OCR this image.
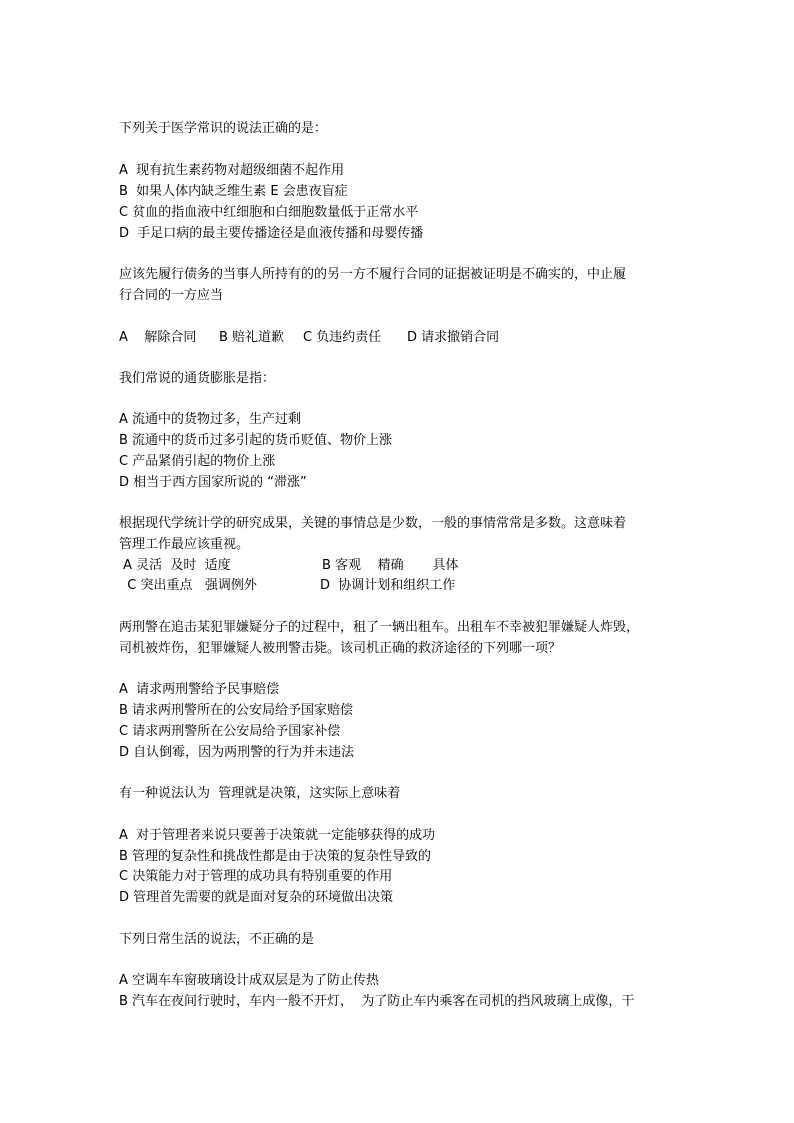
下列关于医学常识的说法正确的是：
A  现有抗生素药物对超级细菌不起作用
B  如果人体内缺乏维生素 E 会患夜盲症
C 贫血的指血液中红细胞和白细胞数量低于正常水平
D  手足口病的最主要传播途径是血液传播和母婴传播
应该先履行债务的当事人所持有的的另一方不履行合同的证据被证明是不确实的，中止履
行合同的一方应当

A    解除合同

B 赔礼道歉

C 负违约责任

D 请求撤销合同

我们常说的通货膨胀是指：
A 流通中的货物过多，生产过剩
B 流通中的货币过多引起的货币贬值、物价上涨
C 产品紧俏引起的物价上涨
D 相当于西方国家所说的 “滞涨”
根据现代学统计学的研究成果，关键的事情总是少数，一般的事情常常是多数。这意味着
管理工作最应该重视。

A 灵活  及时  适度

	B 客观    精确       具体

C 突出重点   强调例外

	D  协调计划和组织工作

两刑警在追击某犯罪嫌疑分子的过程中，租了一辆出租车。出租车不幸被犯罪嫌疑人炸毁，
司机被炸伤，犯罪嫌疑人被刑警击毙。该司机正确的救济途径的下列哪一项？
A  请求两刑警给予民事赔偿
B 请求两刑警所在的公安局给予国家赔偿
C 请求两刑警所在公安局给予国家补偿
D 自认倒霉，因为两刑警的行为并未违法
有一种说法认为  管理就是决策，这实际上意味着
A  对于管理者来说只要善于决策就一定能够获得的成功
B 管理的复杂性和挑战性都是由于决策的复杂性导致的
C 决策能力对于管理的成功具有特别重要的作用
D 管理首先需要的就是面对复杂的环境做出决策
下列日常生活的说法，不正确的是
A 空调车车窗玻璃设计成双层是为了防止传热
B 汽车在夜间行驶时，车内一般不开灯，  为了防止车内乘客在司机的挡风玻璃上成像，干
